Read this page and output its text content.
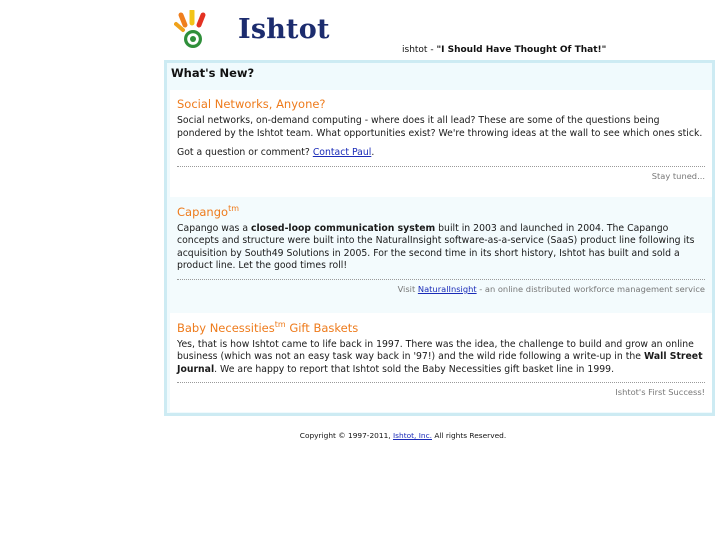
Ishtot
ishtot - "I Should Have Thought Of That!"
What's New?
Social Networks, Anyone?

Social networks, on-demand computing - where does it all lead? These are some of the questions being pondered by the Ishtot team. What opportunities exist? We're throwing ideas at the wall to see which ones stick.

Got a question or comment? Contact Paul.

Stay tuned...
Capango$^{tm}$

Capango was a closed-loop communication system built in 2003 and launched in 2004. The Capango concepts and structure were built into the NaturalInsight software-as-a-service (SaaS) product line following its acquisition by South49 Solutions in 2005. For the second time in its short history, Ishtot has built and sold a product line. Let the good times roll!

Visit NaturalInsight - an online distributed workforce management service
Baby Necessities$^{tm}$ Gift Baskets

Yes, that is how Ishtot came to life back in 1997. There was the idea, the challenge to build and grow an online business (which was not an easy task way back in '97!) and the wild ride following a write-up in the Wall Street Journal. We are happy to report that Ishtot sold the Baby Necessities gift basket line in 1999.

Ishtot's First Success!
Copyright © 1997-2011, Ishtot, Inc. All rights Reserved.
